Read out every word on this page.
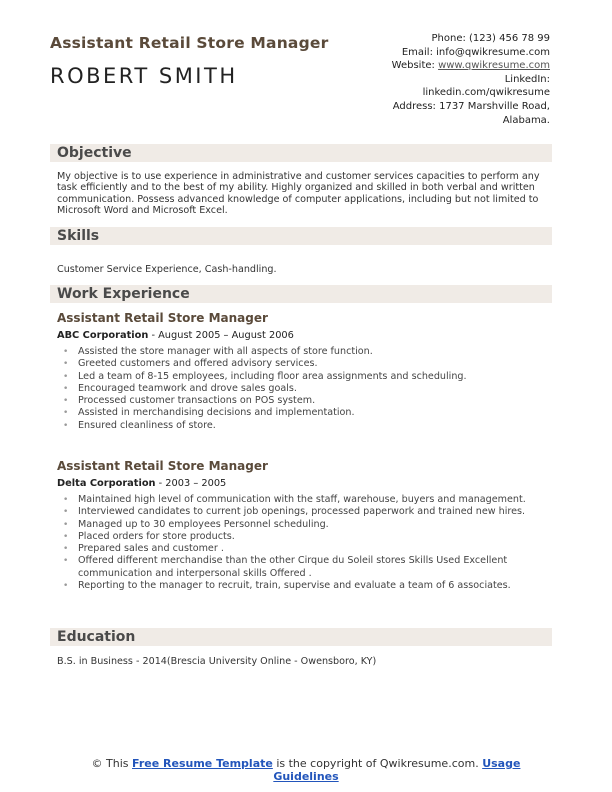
Assistant Retail Store Manager
ROBERT SMITH
Phone: (123) 456 78 99
Email: info@qwikresume.com
Website: www.qwikresume.com
LinkedIn:
linkedin.com/qwikresume
Address: 1737 Marshville Road,
Alabama.
Objective
My objective is to use experience in administrative and customer services capacities to perform any task efficiently and to the best of my ability. Highly organized and skilled in both verbal and written communication. Possess advanced knowledge of computer applications, including but not limited to Microsoft Word and Microsoft Excel.
Skills
Customer Service Experience, Cash-handling.
Work Experience
Assistant Retail Store Manager
ABC Corporation - August 2005 – August 2006
• Assisted the store manager with all aspects of store function.
• Greeted customers and offered advisory services.
• Led a team of 8-15 employees, including floor area assignments and scheduling.
• Encouraged teamwork and drove sales goals.
• Processed customer transactions on POS system.
• Assisted in merchandising decisions and implementation.
• Ensured cleanliness of store.
Assistant Retail Store Manager
Delta Corporation - 2003 – 2005
• Maintained high level of communication with the staff, warehouse, buyers and management.
• Interviewed candidates to current job openings, processed paperwork and trained new hires.
• Managed up to 30 employees Personnel scheduling.
• Placed orders for store products.
• Prepared sales and customer .
• Offered different merchandise than the other Cirque du Soleil stores Skills Used Excellent communication and interpersonal skills Offered .
• Reporting to the manager to recruit, train, supervise and evaluate a team of 6 associates.
Education
B.S. in Business - 2014(Brescia University Online - Owensboro, KY)
© This Free Resume Template is the copyright of Qwikresume.com. Usage
Guidelines
